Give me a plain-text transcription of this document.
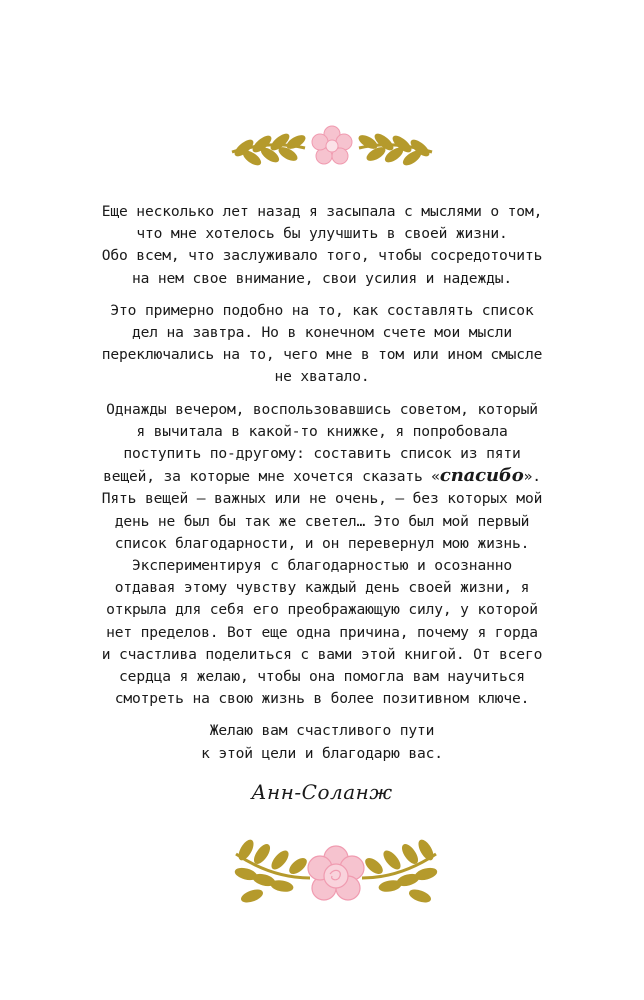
Еще несколько лет назад я засыпала с мыслями о том,
что мне хотелось бы улучшить в своей жизни.
Обо всем, что заслуживало того, чтобы сосредоточить
на нем свое внимание, свои усилия и надежды.

Это примерно подобно на то, как составлять список
дел на завтра. Но в конечном счете мои мысли
переключались на то, чего мне в том или ином смысле
не хватало.

Однажды вечером, воспользовавшись советом, который
я вычитала в какой-то книжке, я попробовала
поступить по-другому: составить список из пяти
вещей, за которые мне хочется сказать «спасибо».
Пять вещей — важных или не очень, — без которых мой
день не был бы так же светел… Это был мой первый
список благодарности, и он перевернул мою жизнь.
Экспериментируя с благодарностью и осознанно
отдавая этому чувству каждый день своей жизни, я
открыла для себя его преображающую силу, у которой
нет пределов. Вот еще одна причина, почему я горда
и счастлива поделиться с вами этой книгой. От всего
сердца я желаю, чтобы она помогла вам научиться
смотреть на свою жизнь в более позитивном ключе.

Желаю вам счастливого пути
к этой цели и благодарю вас.

Анн-Соланж
